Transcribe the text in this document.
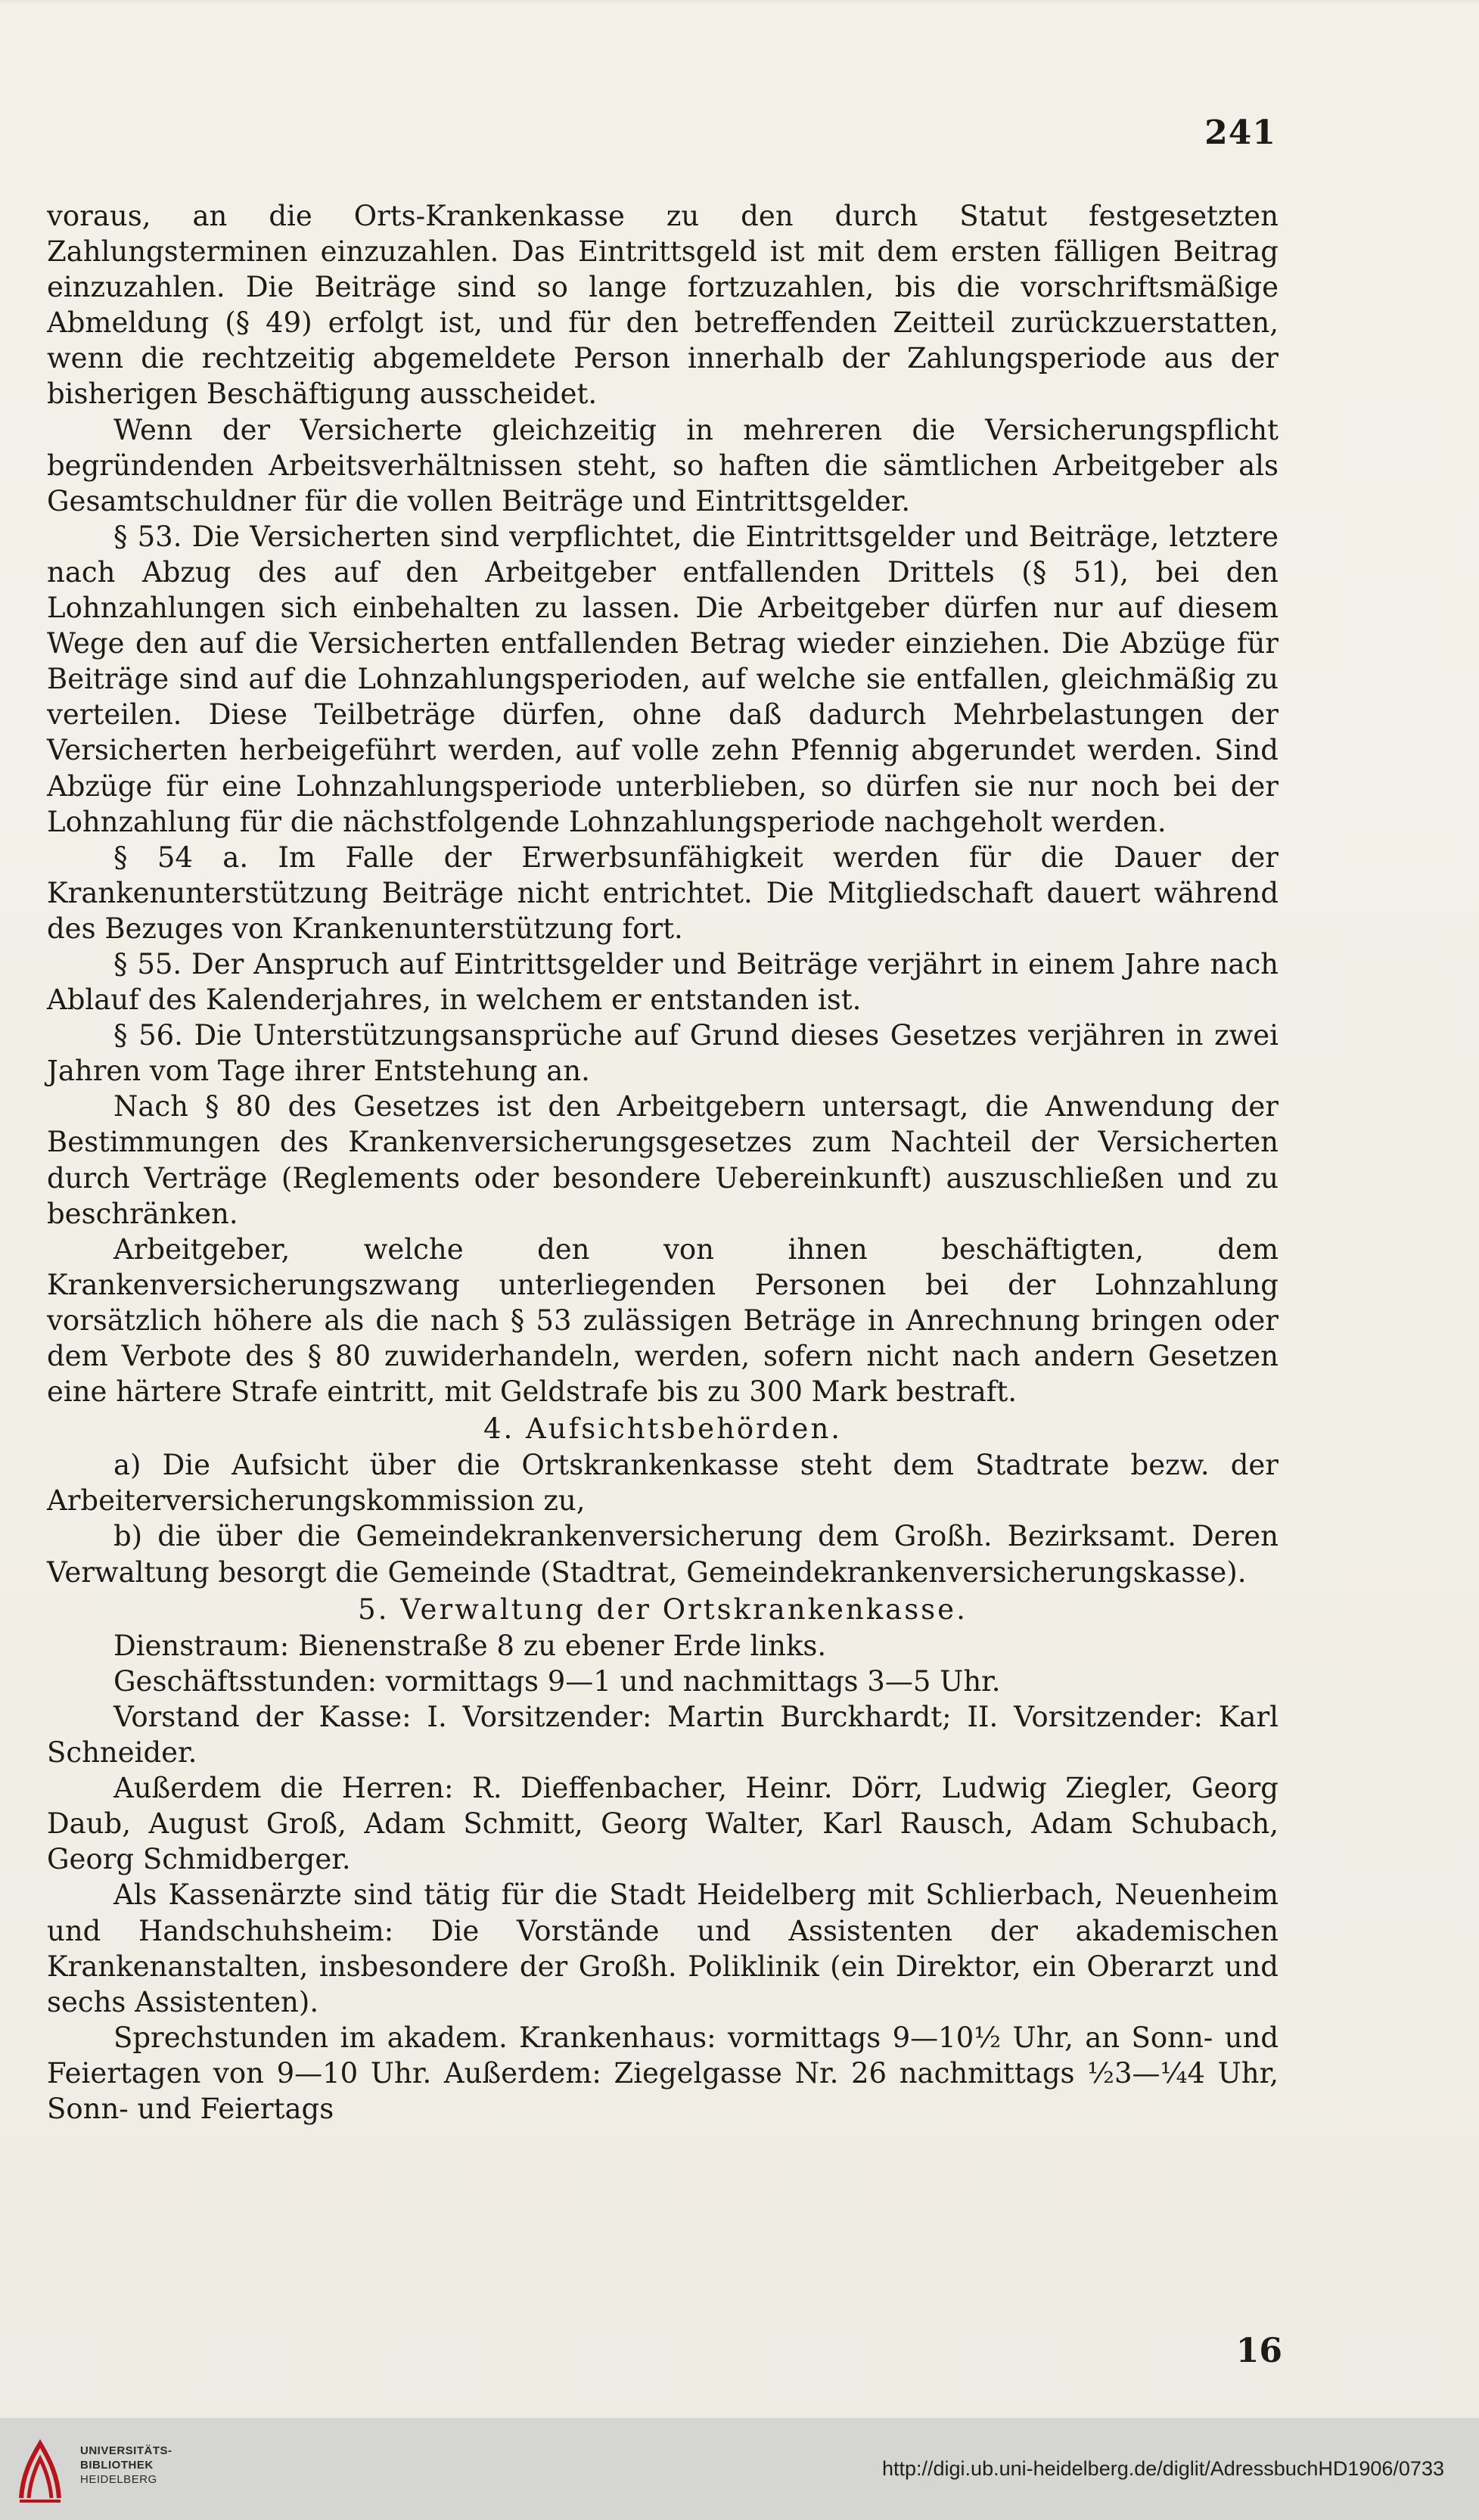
241

voraus, an die Orts-Krankenkasse zu den durch Statut festgesetzten Zahlungsterminen einzuzahlen. Das Eintrittsgeld ist mit dem ersten fälligen Beitrag einzuzahlen. Die Beiträge sind so lange fortzuzahlen, bis die vorschriftsmäßige Abmeldung (§ 49) erfolgt ist, und für den betreffenden Zeitteil zurückzuerstatten, wenn die rechtzeitig abgemeldete Person innerhalb der Zahlungsperiode aus der bisherigen Beschäftigung ausscheidet.

Wenn der Versicherte gleichzeitig in mehreren die Versicherungspflicht begründenden Arbeitsverhältnissen steht, so haften die sämtlichen Arbeitgeber als Gesamtschuldner für die vollen Beiträge und Eintrittsgelder.

§ 53. Die Versicherten sind verpflichtet, die Eintrittsgelder und Beiträge, letztere nach Abzug des auf den Arbeitgeber entfallenden Drittels (§ 51), bei den Lohnzahlungen sich einbehalten zu lassen. Die Arbeitgeber dürfen nur auf diesem Wege den auf die Versicherten entfallenden Betrag wieder einziehen. Die Abzüge für Beiträge sind auf die Lohnzahlungsperioden, auf welche sie entfallen, gleichmäßig zu verteilen. Diese Teilbeträge dürfen, ohne daß dadurch Mehrbelastungen der Versicherten herbeigeführt werden, auf volle zehn Pfennig abgerundet werden. Sind Abzüge für eine Lohnzahlungsperiode unterblieben, so dürfen sie nur noch bei der Lohnzahlung für die nächstfolgende Lohnzahlungsperiode nachgeholt werden.

§ 54 a. Im Falle der Erwerbsunfähigkeit werden für die Dauer der Krankenunterstützung Beiträge nicht entrichtet. Die Mitgliedschaft dauert während des Bezuges von Krankenunterstützung fort.

§ 55. Der Anspruch auf Eintrittsgelder und Beiträge verjährt in einem Jahre nach Ablauf des Kalenderjahres, in welchem er entstanden ist.

§ 56. Die Unterstützungsansprüche auf Grund dieses Gesetzes verjähren in zwei Jahren vom Tage ihrer Entstehung an.

Nach § 80 des Gesetzes ist den Arbeitgebern untersagt, die Anwendung der Bestimmungen des Krankenversicherungsgesetzes zum Nachteil der Versicherten durch Verträge (Reglements oder besondere Uebereinkunft) auszuschließen und zu beschränken.

Arbeitgeber, welche den von ihnen beschäftigten, dem Krankenversicherungszwang unterliegenden Personen bei der Lohnzahlung vorsätzlich höhere als die nach § 53 zulässigen Beträge in Anrechnung bringen oder dem Verbote des § 80 zuwiderhandeln, werden, sofern nicht nach andern Gesetzen eine härtere Strafe eintritt, mit Geldstrafe bis zu 300 Mark bestraft.

4. Aufsichtsbehörden.

a) Die Aufsicht über die Ortskrankenkasse steht dem Stadtrate bezw. der Arbeiterversicherungskommission zu,

b) die über die Gemeindekrankenversicherung dem Großh. Bezirksamt. Deren Verwaltung besorgt die Gemeinde (Stadtrat, Gemeindekrankenversicherungskasse).

5. Verwaltung der Ortskrankenkasse.

Dienstraum: Bienenstraße 8 zu ebener Erde links.

Geschäftsstunden: vormittags 9—1 und nachmittags 3—5 Uhr.

Vorstand der Kasse: I. Vorsitzender: Martin Burckhardt; II. Vorsitzender: Karl Schneider.

Außerdem die Herren: R. Dieffenbacher, Heinr. Dörr, Ludwig Ziegler, Georg Daub, August Groß, Adam Schmitt, Georg Walter, Karl Rausch, Adam Schubach, Georg Schmidberger.

Als Kassenärzte sind tätig für die Stadt Heidelberg mit Schlierbach, Neuenheim und Handschuhsheim: Die Vorstände und Assistenten der akademischen Krankenanstalten, insbesondere der Großh. Poliklinik (ein Direktor, ein Oberarzt und sechs Assistenten).

Sprechstunden im akadem. Krankenhaus: vormittags 9—10½ Uhr, an Sonn- und Feiertagen von 9—10 Uhr. Außerdem: Ziegelgasse Nr. 26 nachmittags ½3—¼4 Uhr, Sonn- und Feiertags

16
UNIVERSITÄTS-
BIBLIOTHEK
HEIDELBERG	http://digi.ub.uni-heidelberg.de/diglit/AdressbuchHD1906/0733
